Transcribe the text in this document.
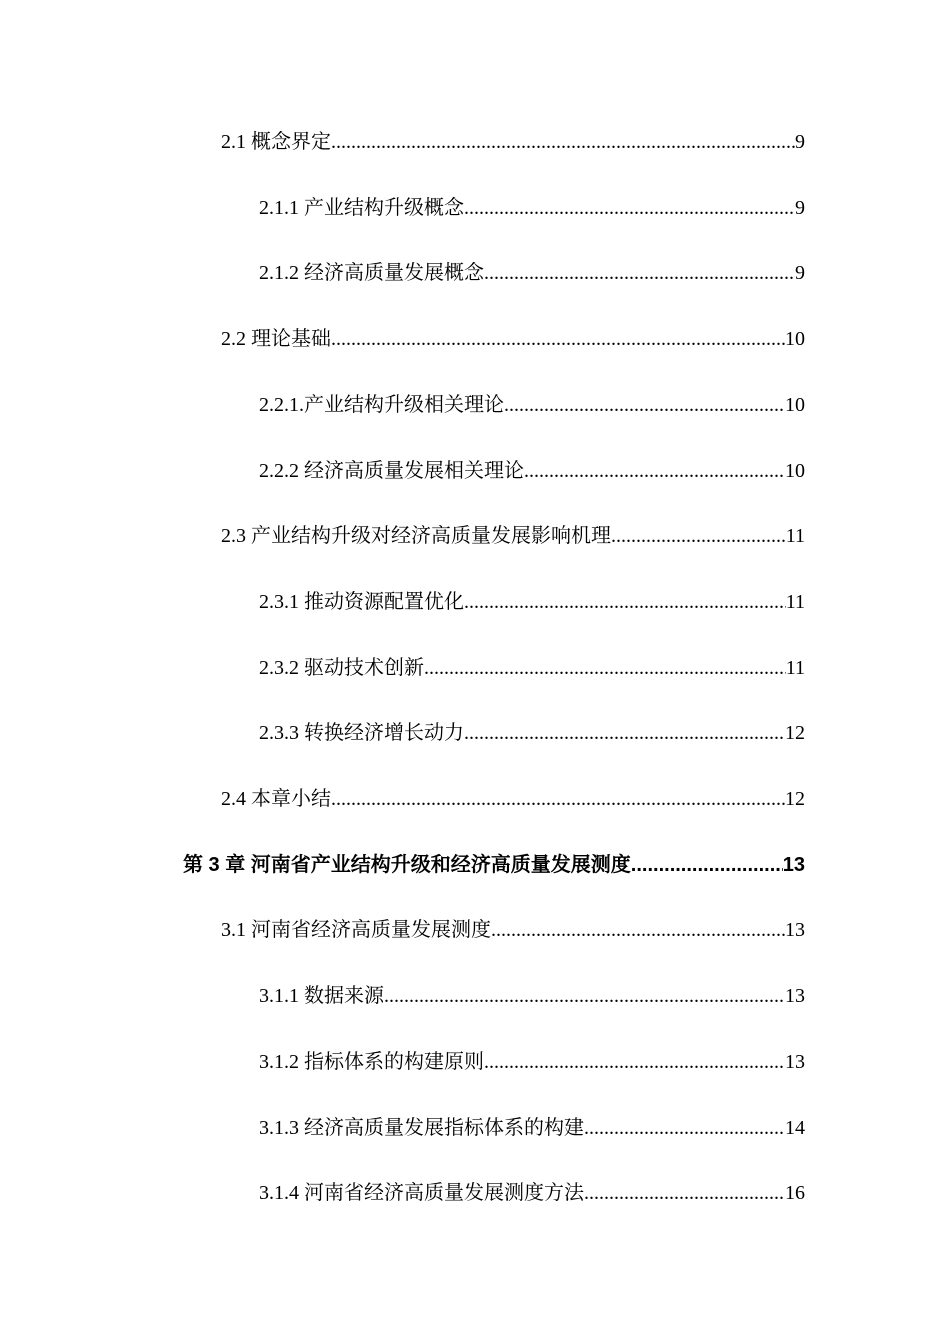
2.1 概念界定 .....	9
2.1.1 产业结构升级概念 .....	9
2.1.2 经济高质量发展概念 .....	9
2.2 理论基础 .....	10
2.2.1.产业结构升级相关理论 .....	10
2.2.2 经济高质量发展相关理论 .....	10
2.3 产业结构升级对经济高质量发展影响机理 .....	11
2.3.1 推动资源配置优化 .....	11
2.3.2 驱动技术创新 .....	11
2.3.3 转换经济增长动力 .....	12
2.4 本章小结 .....	12
第 3 章 河南省产业结构升级和经济高质量发展测度 .....	13
3.1 河南省经济高质量发展测度 .....	13
3.1.1 数据来源 .....	13
3.1.2 指标体系的构建原则 .....	13
3.1.3 经济高质量发展指标体系的构建 .....	14
3.1.4 河南省经济高质量发展测度方法 .....	16
